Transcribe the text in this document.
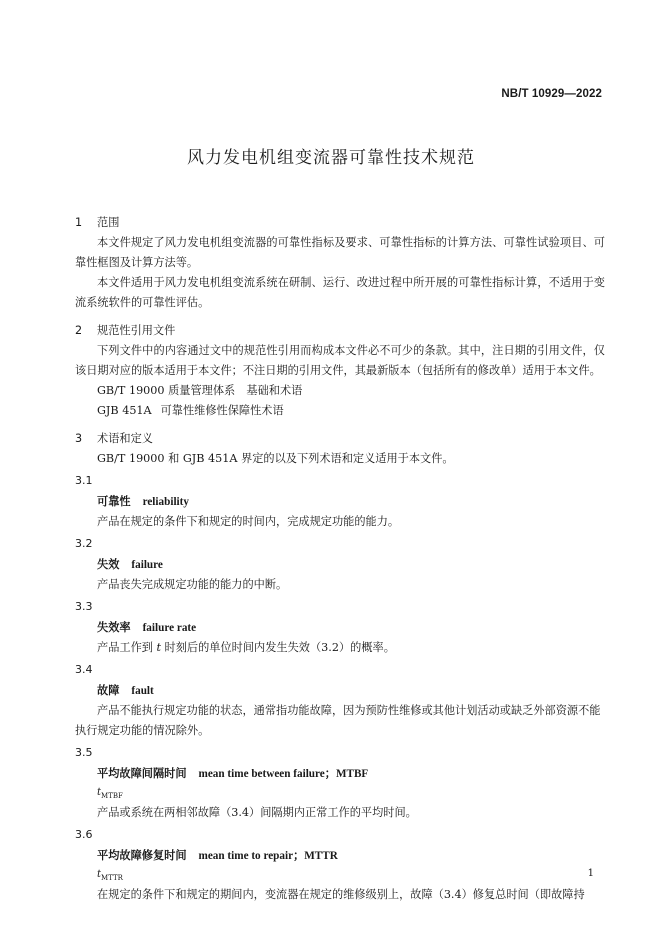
NB/T 10929—2022
风力发电机组变流器可靠性技术规范
1 范围
本文件规定了风力发电机组变流器的可靠性指标及要求、可靠性指标的计算方法、可靠性试验项目、可靠性框图及计算方法等。
本文件适用于风力发电机组变流系统在研制、运行、改进过程中所开展的可靠性指标计算，不适用于变流系统软件的可靠性评估。
2 规范性引用文件
下列文件中的内容通过文中的规范性引用而构成本文件必不可少的条款。其中，注日期的引用文件，仅该日期对应的版本适用于本文件；不注日期的引用文件，其最新版本（包括所有的修改单）适用于本文件。
GB/T 19000 质量管理体系　基础和术语
GJB 451A 可靠性维修性保障性术语
3 术语和定义
GB/T 19000 和 GJB 451A 界定的以及下列术语和定义适用于本文件。
3.1
可靠性 reliability
产品在规定的条件下和规定的时间内，完成规定功能的能力。
3.2
失效 failure
产品丧失完成规定功能的能力的中断。
3.3
失效率 failure rate
产品工作到 t 时刻后的单位时间内发生失效（3.2）的概率。
3.4
故障 fault
产品不能执行规定功能的状态，通常指功能故障，因为预防性维修或其他计划活动或缺乏外部资源不能执行规定功能的情况除外。
3.5
平均故障间隔时间 mean time between failure；MTBF
$t_{MTBF}$
产品或系统在两相邻故障（3.4）间隔期内正常工作的平均时间。
3.6
平均故障修复时间 mean time to repair；MTTR
$t_{MTTR}$
在规定的条件下和规定的期间内，变流器在规定的维修级别上，故障（3.4）修复总时间（即故障持
1
